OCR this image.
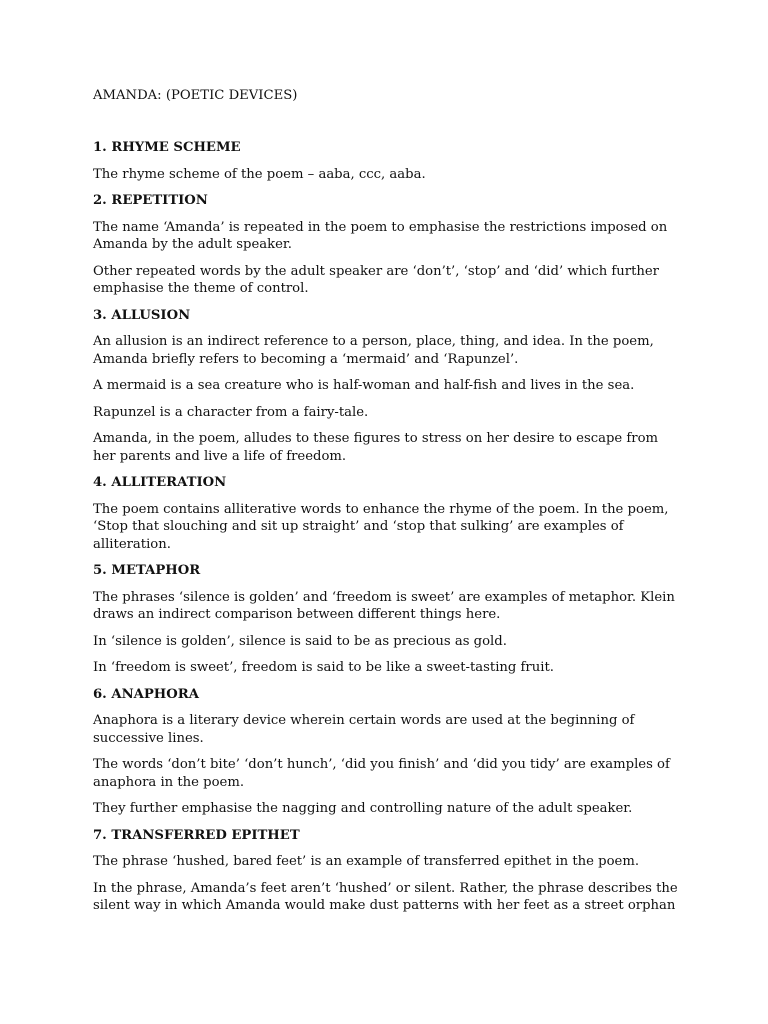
AMANDA: (POETIC DEVICES)
1. RHYME SCHEME

The rhyme scheme of the poem – aaba, ccc, aaba.

2. REPETITION

The name ‘Amanda’ is repeated in the poem to emphasise the restrictions imposed on Amanda by the adult speaker.

Other repeated words by the adult speaker are ‘don’t’, ‘stop’ and ‘did’ which further emphasise the theme of control.

3. ALLUSION

An allusion is an indirect reference to a person, place, thing, and idea. In the poem, Amanda briefly refers to becoming a ‘mermaid’ and ‘Rapunzel’.

A mermaid is a sea creature who is half-woman and half-fish and lives in the sea.

Rapunzel is a character from a fairy-tale.

Amanda, in the poem, alludes to these figures to stress on her desire to escape from her parents and live a life of freedom.

4. ALLITERATION

The poem contains alliterative words to enhance the rhyme of the poem. In the poem, ‘Stop that slouching and sit up straight’ and ‘stop that sulking’ are examples of alliteration.

5. METAPHOR

The phrases ‘silence is golden’ and ‘freedom is sweet’ are examples of metaphor. Klein draws an indirect comparison between different things here.

In ‘silence is golden’, silence is said to be as precious as gold.

In ‘freedom is sweet’, freedom is said to be like a sweet-tasting fruit.

6. ANAPHORA

Anaphora is a literary device wherein certain words are used at the beginning of successive lines.

The words ‘don’t bite’ ‘don’t hunch’, ‘did you finish’ and ‘did you tidy’ are examples of anaphora in the poem.

They further emphasise the nagging and controlling nature of the adult speaker.

7. TRANSFERRED EPITHET

The phrase ‘hushed, bared feet’ is an example of transferred epithet in the poem.

In the phrase, Amanda’s feet aren’t ‘hushed’ or silent. Rather, the phrase describes the silent way in which Amanda would make dust patterns with her feet as a street orphan
